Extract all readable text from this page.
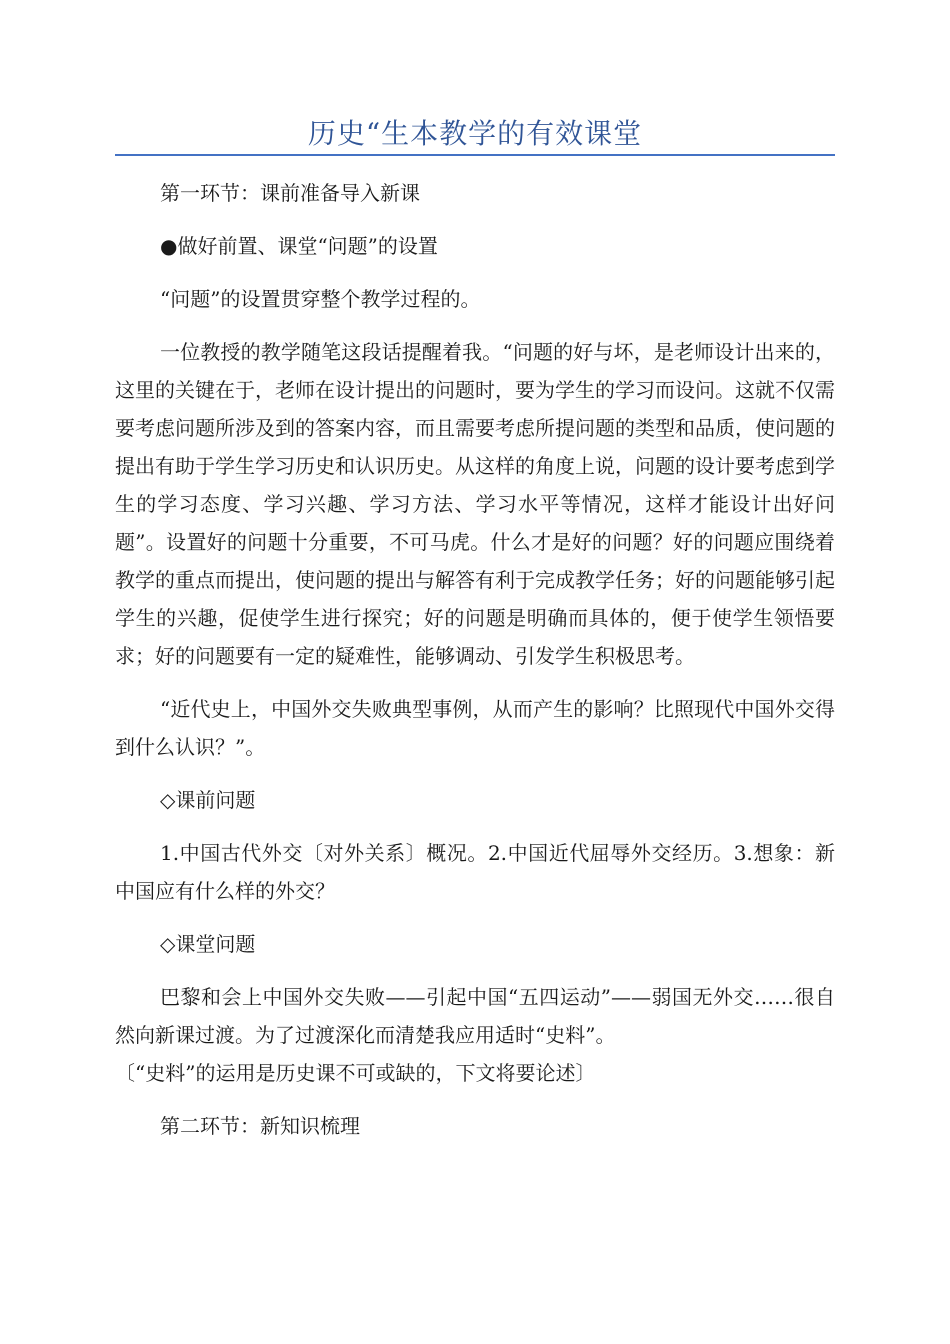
历史“生本教学的有效课堂

第一环节：课前准备导入新课

●做好前置、课堂“问题”的设置

“问题”的设置贯穿整个教学过程的。

一位教授的教学随笔这段话提醒着我。“问题的好与坏，是老师设计出来的，这里的关键在于，老师在设计提出的问题时，要为学生的学习而设问。这就不仅需要考虑问题所涉及到的答案内容，而且需要考虑所提问题的类型和品质，使问题的提出有助于学生学习历史和认识历史。从这样的角度上说，问题的设计要考虑到学生的学习态度、学习兴趣、学习方法、学习水平等情况，这样才能设计出好问题”。设置好的问题十分重要，不可马虎。什么才是好的问题？好的问题应围绕着教学的重点而提出，使问题的提出与解答有利于完成教学任务；好的问题能够引起学生的兴趣，促使学生进行探究；好的问题是明确而具体的，便于使学生领悟要求；好的问题要有一定的疑难性，能够调动、引发学生积极思考。

“近代史上，中国外交失败典型事例，从而产生的影响？比照现代中国外交得到什么认识？”。

◇课前问题

1.中国古代外交〔对外关系〕概况。2.中国近代屈辱外交经历。3.想象：新中国应有什么样的外交？

◇课堂问题

巴黎和会上中国外交失败——引起中国“五四运动”——弱国无外交……很自然向新课过渡。为了过渡深化而清楚我应用适时“史料”。

〔“史料”的运用是历史课不可或缺的，下文将要论述〕

第二环节：新知识梳理
